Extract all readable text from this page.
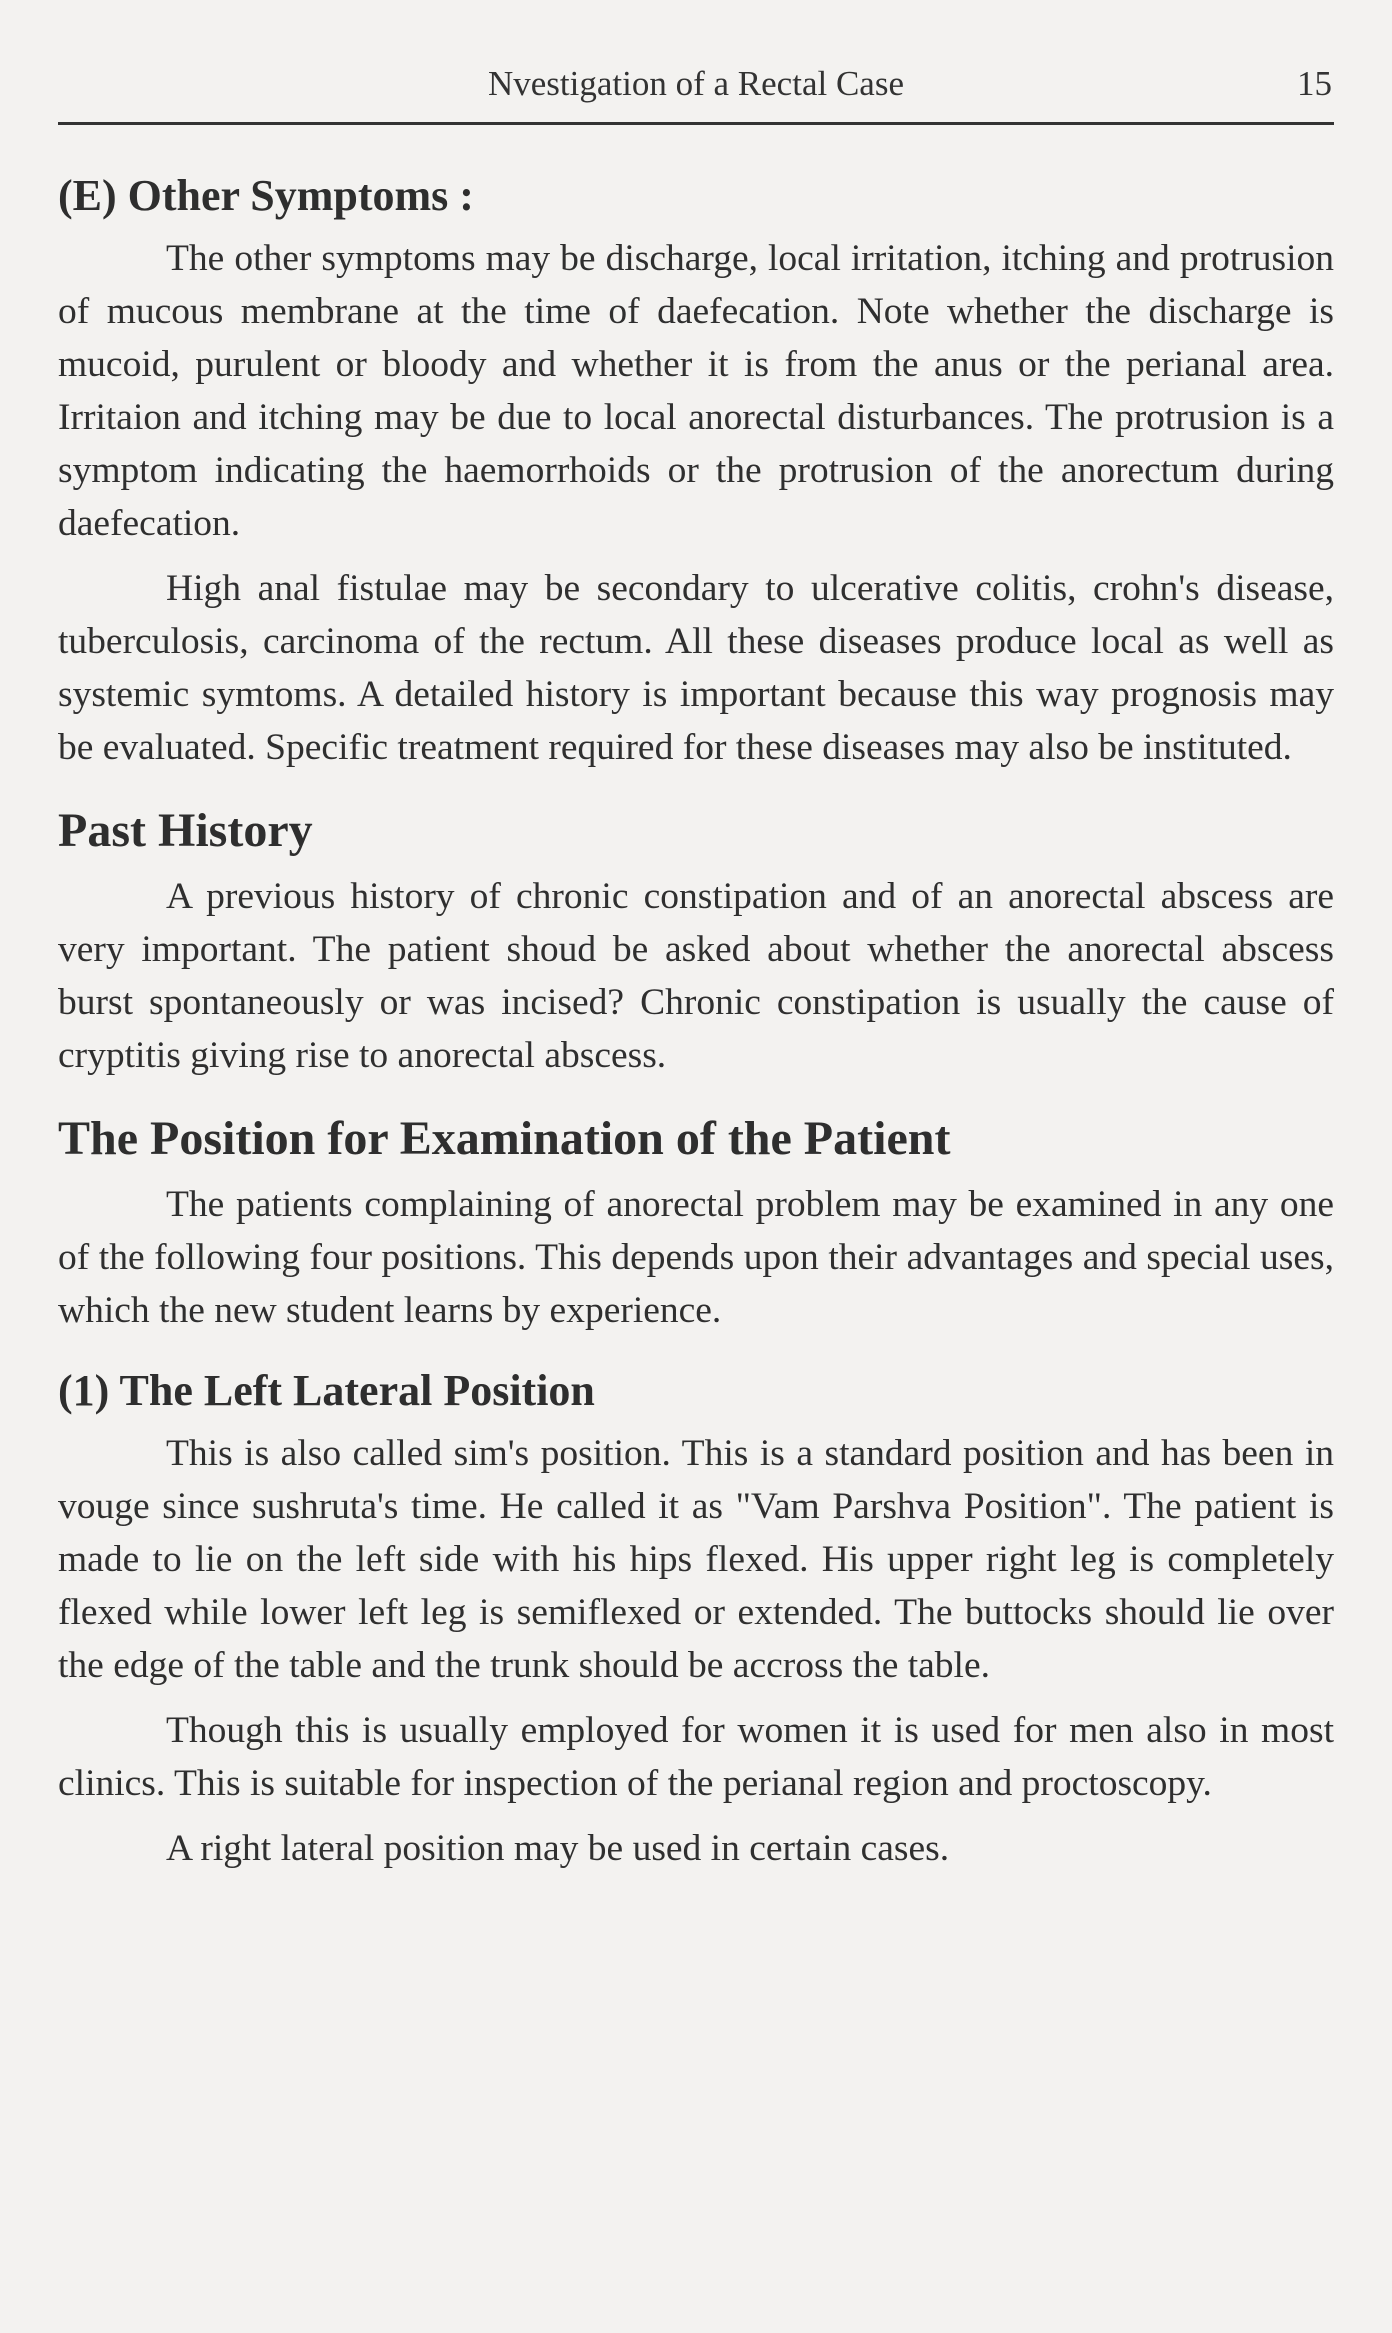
Nvestigation of a Rectal Case	15
(E) Other Symptoms :

The other symptoms may be discharge, local irritation, itching and protrusion of mucous membrane at the time of daefecation. Note whether the discharge is mucoid, purulent or bloody and whether it is from the anus or the perianal area. Irritaion and itching may be due to local anorectal disturbances. The protrusion is a symptom indicating the haemorrhoids or the protrusion of the anorectum during daefecation.

High anal fistulae may be secondary to ulcerative colitis, crohn's disease, tuberculosis, carcinoma of the rectum. All these diseases produce local as well as systemic symtoms. A detailed history is important because this way prognosis may be evaluated. Specific treatment required for these diseases may also be instituted.

Past History

A previous history of chronic constipation and of an anorectal abscess are very important. The patient shoud be asked about whether the anorectal abscess burst spontaneously or was incised? Chronic constipation is usually the cause of cryptitis giving rise to anorectal abscess.

The Position for Examination of the Patient

The patients complaining of anorectal problem may be examined in any one of the following four positions. This depends upon their advantages and special uses, which the new student learns by experience.

(1) The Left Lateral Position

This is also called sim's position. This is a standard position and has been in vouge since sushruta's time. He called it as "Vam Parshva Position". The patient is made to lie on the left side with his hips flexed. His upper right leg is completely flexed while lower left leg is semiflexed or extended. The buttocks should lie over the edge of the table and the trunk should be accross the table.

Though this is usually employed for women it is used for men also in most clinics. This is suitable for inspection of the perianal region and proctoscopy.

A right lateral position may be used in certain cases.
